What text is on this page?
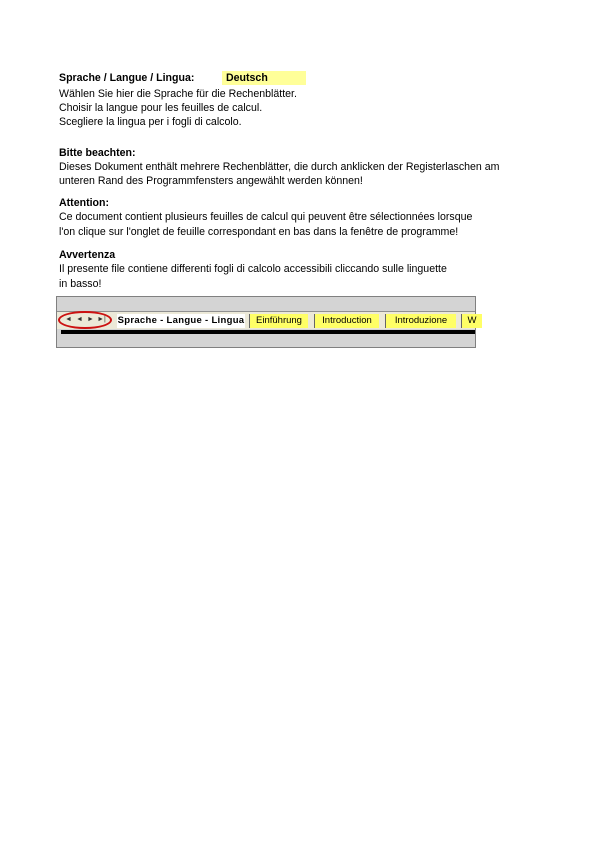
Sprache / Langue / Lingua:	Deutsch
Wählen Sie hier die Sprache für die Rechenblätter.
Choisir la langue pour les feuilles de calcul.
Scegliere la lingua per i fogli di calcolo.
Bitte beachten:
Dieses Dokument enthält mehrere Rechenblätter, die durch anklicken der Registerlaschen am
unteren Rand des Programmfensters angewählt werden können!
Attention:
Ce document contient plusieurs feuilles de calcul qui peuvent être sélectionnées lorsque
l'on clique sur l'onglet de feuille correspondant en bas dans la fenêtre de programme!
Avvertenza
Il presente file contiene differenti fogli di calcolo accessibili cliccando sulle linguette
in basso!
◄ ◄ ► ►| Sprache - Langue - Lingua	Einführung	Introduction	Introduzione	W
